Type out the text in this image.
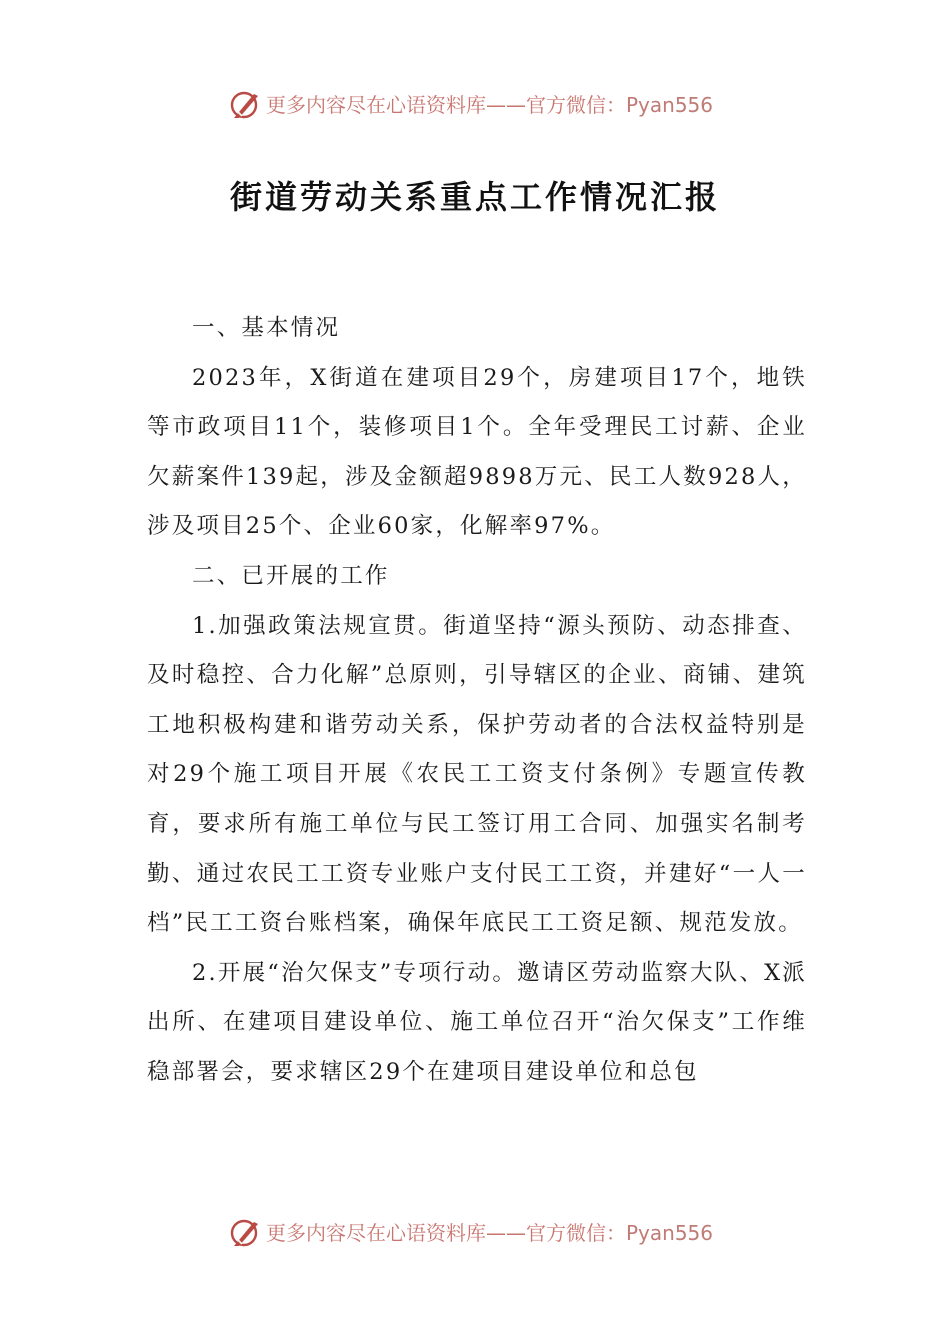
更多内容尽在心语资料库——官方微信：Pyan556
街道劳动关系重点工作情况汇报

一、基本情况

2023年，X街道在建项目29个，房建项目17个，地铁等市政项目11个，装修项目1个。全年受理民工讨薪、企业欠薪案件139起，涉及金额超9898万元、民工人数928人，涉及项目25个、企业60家，化解率97%。

二、已开展的工作

1.加强政策法规宣贯。街道坚持“源头预防、动态排查、及时稳控、合力化解”总原则，引导辖区的企业、商铺、建筑工地积极构建和谐劳动关系，保护劳动者的合法权益特别是对29个施工项目开展《农民工工资支付条例》专题宣传教育，要求所有施工单位与民工签订用工合同、加强实名制考勤、通过农民工工资专业账户支付民工工资，并建好“一人一档”民工工资台账档案，确保年底民工工资足额、规范发放。

2.开展“治欠保支”专项行动。邀请区劳动监察大队、X派出所、在建项目建设单位、施工单位召开“治欠保支”工作维稳部署会，要求辖区29个在建项目建设单位和总包

更多内容尽在心语资料库——官方微信：Pyan556
